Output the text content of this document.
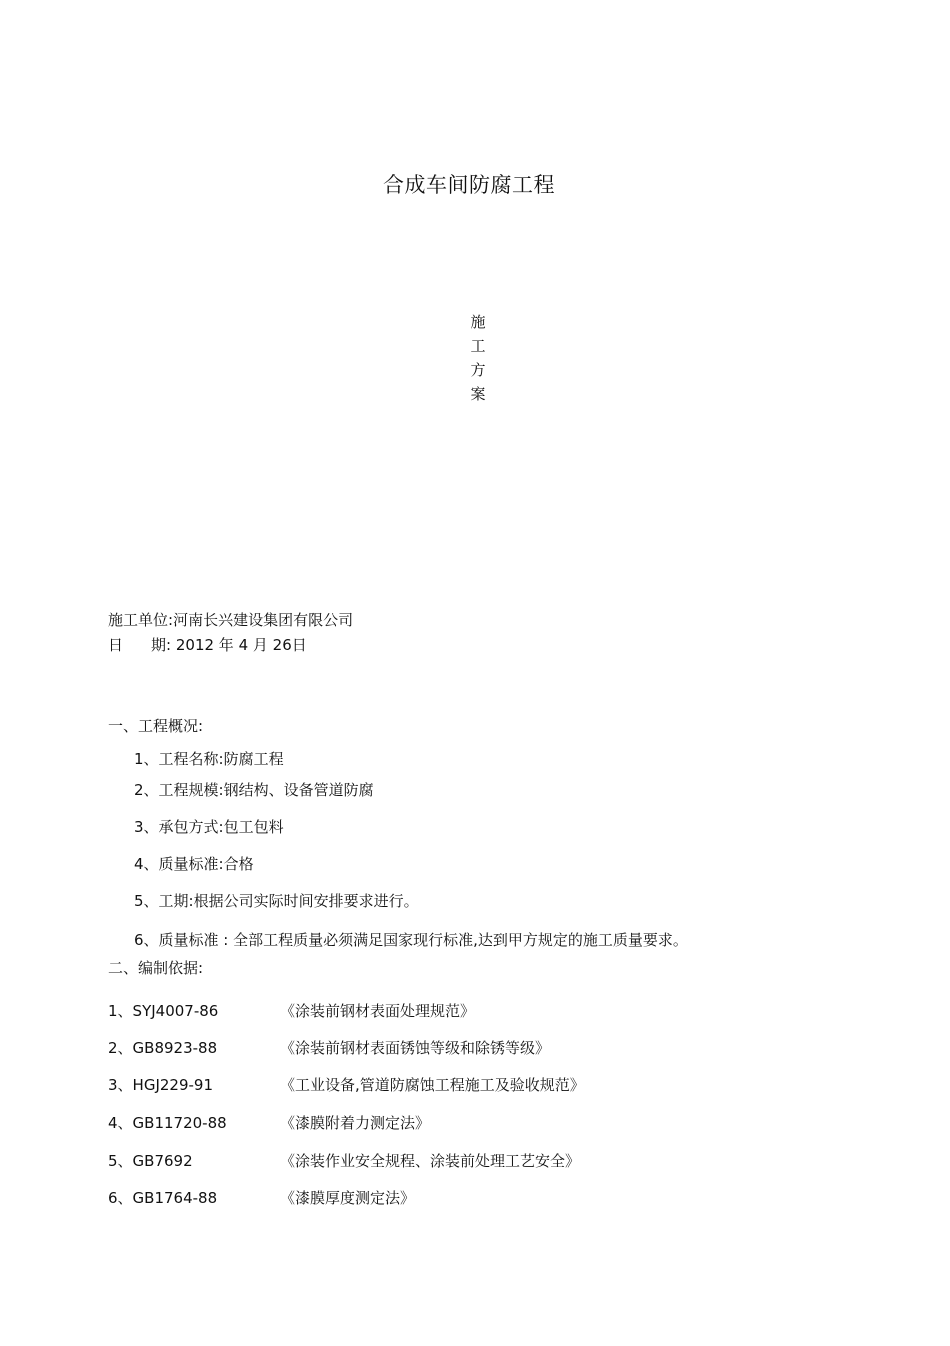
合成车间防腐工程
施
工
方
案
施工单位:河南长兴建设集团有限公司
日 期: 2012 年 4 月 26日
一、工程概况:
1、工程名称:防腐工程
2、工程规模:钢结构、设备管道防腐
3、承包方式:包工包料
4、质量标准:合格
5、工期:根据公司实际时间安排要求进行。
6、质量标准 : 全部工程质量必须满足国家现行标准,达到甲方规定的施工质量要求。
二、编制依据:
1、SYJ4007-86	《涂装前钢材表面处理规范》
2、GB8923-88	《涂装前钢材表面锈蚀等级和除锈等级》
3、HGJ229-91	《工业设备,管道防腐蚀工程施工及验收规范》
4、GB11720-88	《漆膜附着力测定法》
5、GB7692	《涂装作业安全规程、涂装前处理工艺安全》
6、GB1764-88	《漆膜厚度测定法》
